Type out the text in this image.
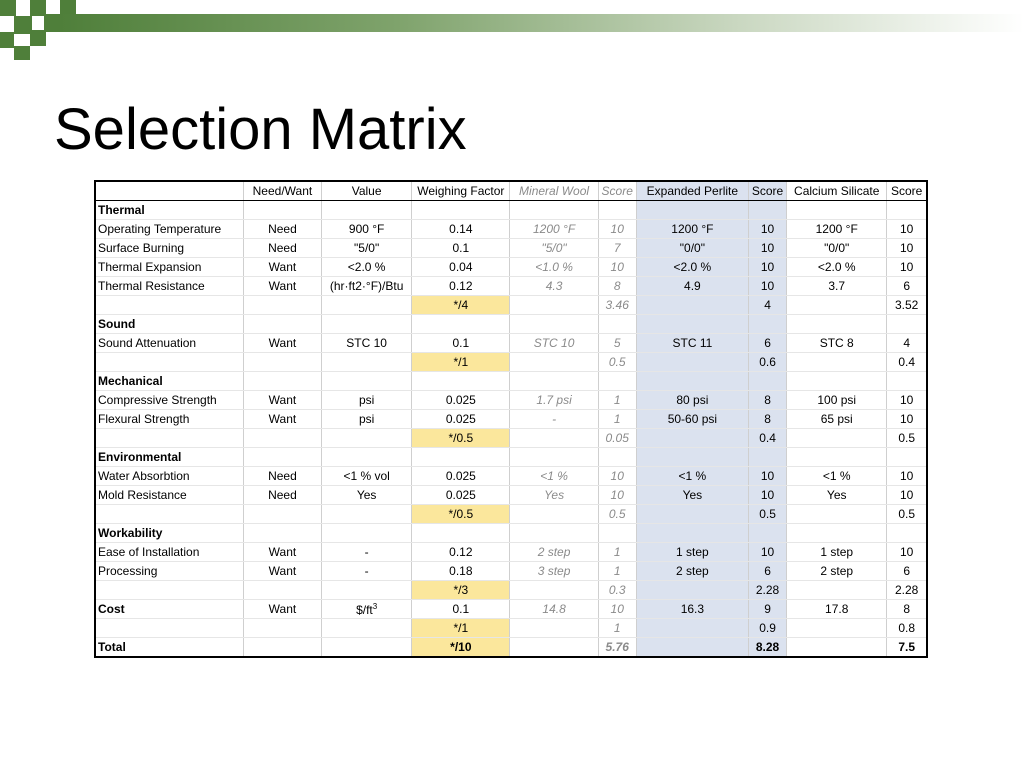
Selection Matrix
	Need/Want	Value	Weighing Factor	Mineral Wool	Score	Expanded Perlite	Score	Calcium Silicate	Score
Thermal									
Operating Temperature	Need	900 °F	0.14	1200 °F	10	1200 °F	10	1200 °F	10
Surface Burning	Need	"5/0"	0.1	"5/0"	7	"0/0"	10	"0/0"	10
Thermal Expansion	Want	<2.0 %	0.04	<1.0 %	10	<2.0 %	10	<2.0 %	10
Thermal Resistance	Want	(hr·ft2·°F)/Btu	0.12	4.3	8	4.9	10	3.7	6
			*/4		3.46		4		3.52
Sound									
Sound Attenuation	Want	STC 10	0.1	STC 10	5	STC 11	6	STC 8	4
			*/1		0.5		0.6		0.4
Mechanical									
Compressive Strength	Want	psi	0.025	1.7 psi	1	80 psi	8	100 psi	10
Flexural Strength	Want	psi	0.025	-	1	50-60 psi	8	65 psi	10
			*/0.5		0.05		0.4		0.5
Environmental									
Water Absorbtion	Need	<1 % vol	0.025	<1 %	10	<1 %	10	<1 %	10
Mold Resistance	Need	Yes	0.025	Yes	10	Yes	10	Yes	10
			*/0.5		0.5		0.5		0.5
Workability									
Ease of Installation	Want	-	0.12	2 step	1	1 step	10	1 step	10
Processing	Want	-	0.18	3 step	1	2 step	6	2 step	6
			*/3		0.3		2.28		2.28
Cost	Want	$\$/ft^3$	0.1	14.8	10	16.3	9	17.8	8
			*/1		1		0.9		0.8
Total			*/10		5.76		8.28		7.5
